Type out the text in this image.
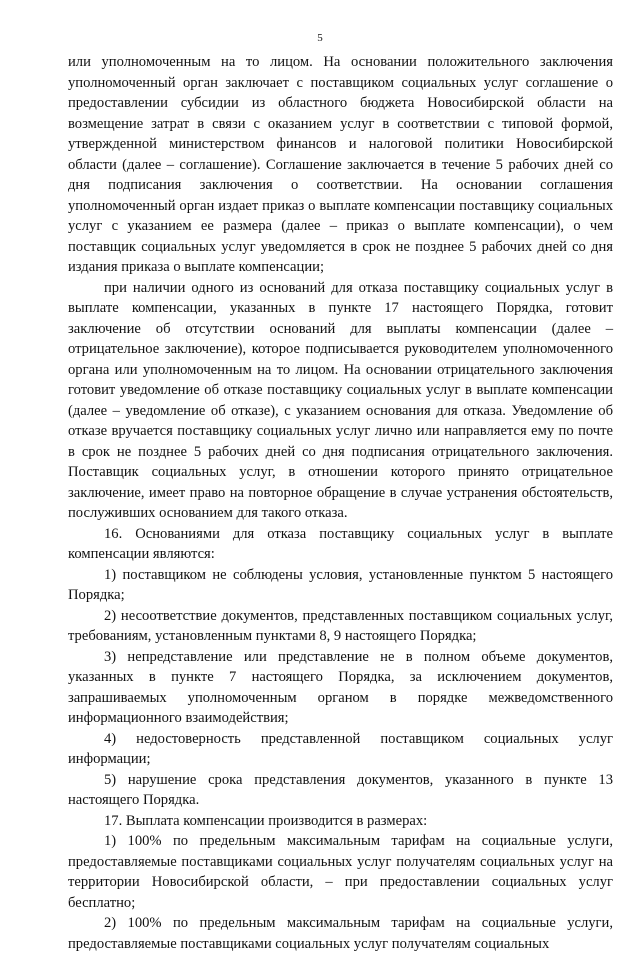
5

или уполномоченным на то лицом. На основании положительного заключения уполномоченный орган заключает с поставщиком социальных услуг соглашение о предоставлении субсидии из областного бюджета Новосибирской области на возмещение затрат в связи с оказанием услуг в соответствии с типовой формой, утвержденной министерством финансов и налоговой политики Новосибирской области (далее – соглашение). Соглашение заключается в течение 5 рабочих дней со дня подписания заключения о соответствии. На основании соглашения уполномоченный орган издает приказ о выплате компенсации поставщику социальных услуг с указанием ее размера (далее – приказ о выплате компенсации), о чем поставщик социальных услуг уведомляется в срок не позднее 5 рабочих дней со дня издания приказа о выплате компенсации;

при наличии одного из оснований для отказа поставщику социальных услуг в выплате компенсации, указанных в пункте 17 настоящего Порядка, готовит заключение об отсутствии оснований для выплаты компенсации (далее – отрицательное заключение), которое подписывается руководителем уполномоченного органа или уполномоченным на то лицом. На основании отрицательного заключения готовит уведомление об отказе поставщику социальных услуг в выплате компенсации (далее – уведомление об отказе), с указанием основания для отказа. Уведомление об отказе вручается поставщику социальных услуг лично или направляется ему по почте в срок не позднее 5 рабочих дней со дня подписания отрицательного заключения. Поставщик социальных услуг, в отношении которого принято отрицательное заключение, имеет право на повторное обращение в случае устранения обстоятельств, послуживших основанием для такого отказа.

16. Основаниями для отказа поставщику социальных услуг в выплате компенсации являются:

1) поставщиком не соблюдены условия, установленные пунктом 5 настоящего Порядка;

2) несоответствие документов, представленных поставщиком социальных услуг, требованиям, установленным пунктами 8, 9 настоящего Порядка;

3) непредставление или представление не в полном объеме документов, указанных в пункте 7 настоящего Порядка, за исключением документов, запрашиваемых уполномоченным органом в порядке межведомственного информационного взаимодействия;

4) недостоверность представленной поставщиком социальных услуг информации;

5) нарушение срока представления документов, указанного в пункте 13 настоящего Порядка.

17. Выплата компенсации производится в размерах:

1) 100% по предельным максимальным тарифам на социальные услуги, предоставляемые поставщиками социальных услуг получателям социальных услуг на территории Новосибирской области, – при предоставлении социальных услуг бесплатно;

2) 100% по предельным максимальным тарифам на социальные услуги, предоставляемые поставщиками социальных услуг получателям социальных
